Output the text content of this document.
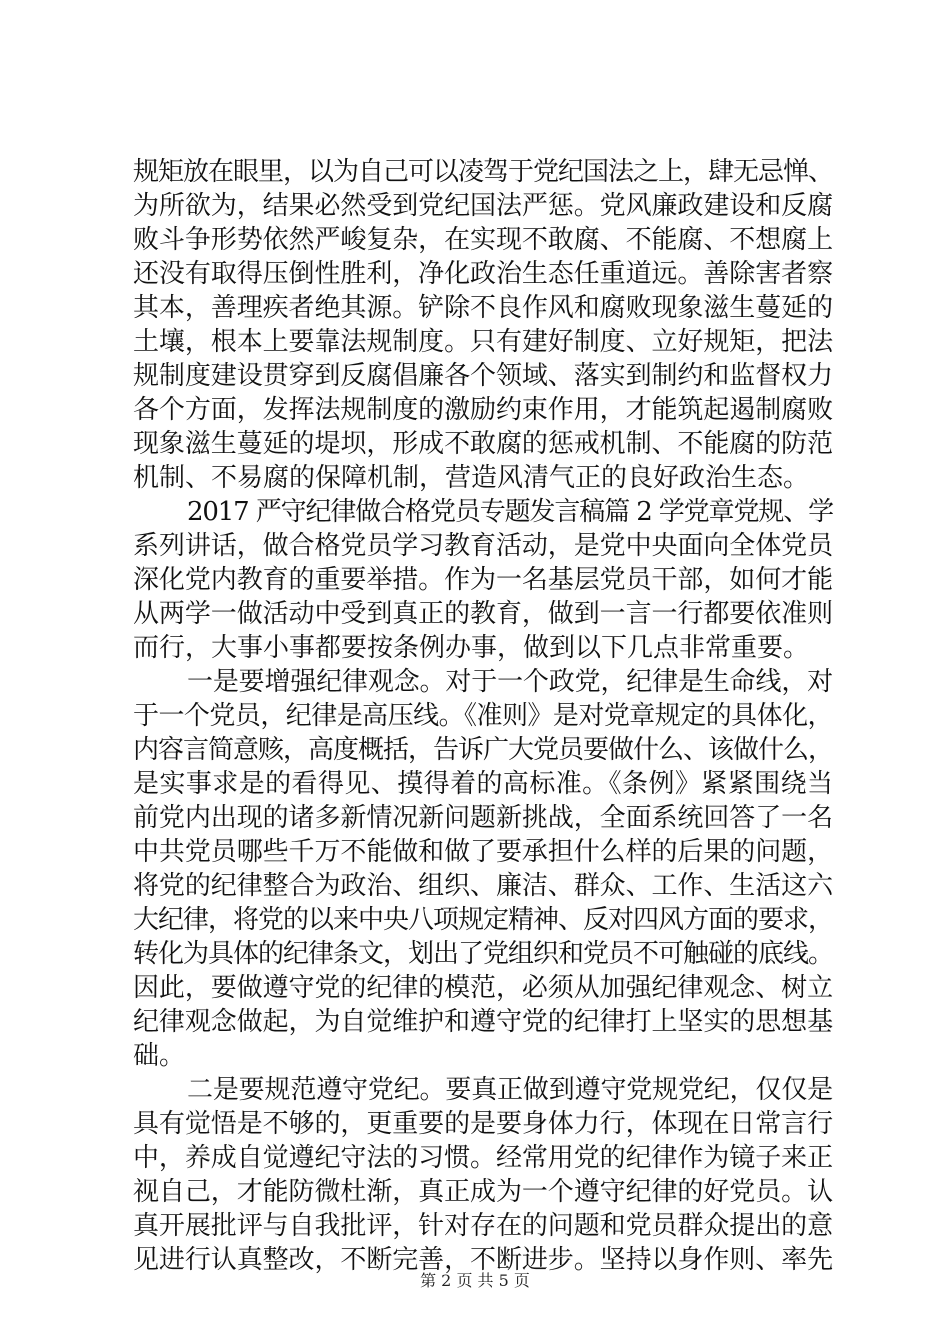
规矩放在眼里，以为自己可以凌驾于党纪国法之上，肆无忌惮、
为所欲为，结果必然受到党纪国法严惩。党风廉政建设和反腐
败斗争形势依然严峻复杂，在实现不敢腐、不能腐、不想腐上
还没有取得压倒性胜利，净化政治生态任重道远。善除害者察
其本，善理疾者绝其源。铲除不良作风和腐败现象滋生蔓延的
土壤，根本上要靠法规制度。只有建好制度、立好规矩，把法
规制度建设贯穿到反腐倡廉各个领域、落实到制约和监督权力
各个方面，发挥法规制度的激励约束作用，才能筑起遏制腐败
现象滋生蔓延的堤坝，形成不敢腐的惩戒机制、不能腐的防范
机制、不易腐的保障机制，营造风清气正的良好政治生态。
2017 严守纪律做合格党员专题发言稿篇 2 学党章党规、学
系列讲话，做合格党员学习教育活动，是党中央面向全体党员
深化党内教育的重要举措。作为一名基层党员干部，如何才能
从两学一做活动中受到真正的教育，做到一言一行都要依准则
而行，大事小事都要按条例办事，做到以下几点非常重要。
一是要增强纪律观念。对于一个政党，纪律是生命线，对
于一个党员，纪律是高压线。《准则》是对党章规定的具体化，
内容言简意赅，高度概括，告诉广大党员要做什么、该做什么，
是实事求是的看得见、摸得着的高标准。《条例》紧紧围绕当
前党内出现的诸多新情况新问题新挑战，全面系统回答了一名
中共党员哪些千万不能做和做了要承担什么样的后果的问题，
将党的纪律整合为政治、组织、廉洁、群众、工作、生活这六
大纪律，将党的以来中央八项规定精神、反对四风方面的要求，
转化为具体的纪律条文，划出了党组织和党员不可触碰的底线。
因此，要做遵守党的纪律的模范，必须从加强纪律观念、树立
纪律观念做起，为自觉维护和遵守党的纪律打上坚实的思想基
础。
二是要规范遵守党纪。要真正做到遵守党规党纪，仅仅是
具有觉悟是不够的，更重要的是要身体力行，体现在日常言行
中，养成自觉遵纪守法的习惯。经常用党的纪律作为镜子来正
视自己，才能防微杜渐，真正成为一个遵守纪律的好党员。认
真开展批评与自我批评，针对存在的问题和党员群众提出的意
见进行认真整改，不断完善，不断进步。坚持以身作则、率先
第 2 页 共 5 页
